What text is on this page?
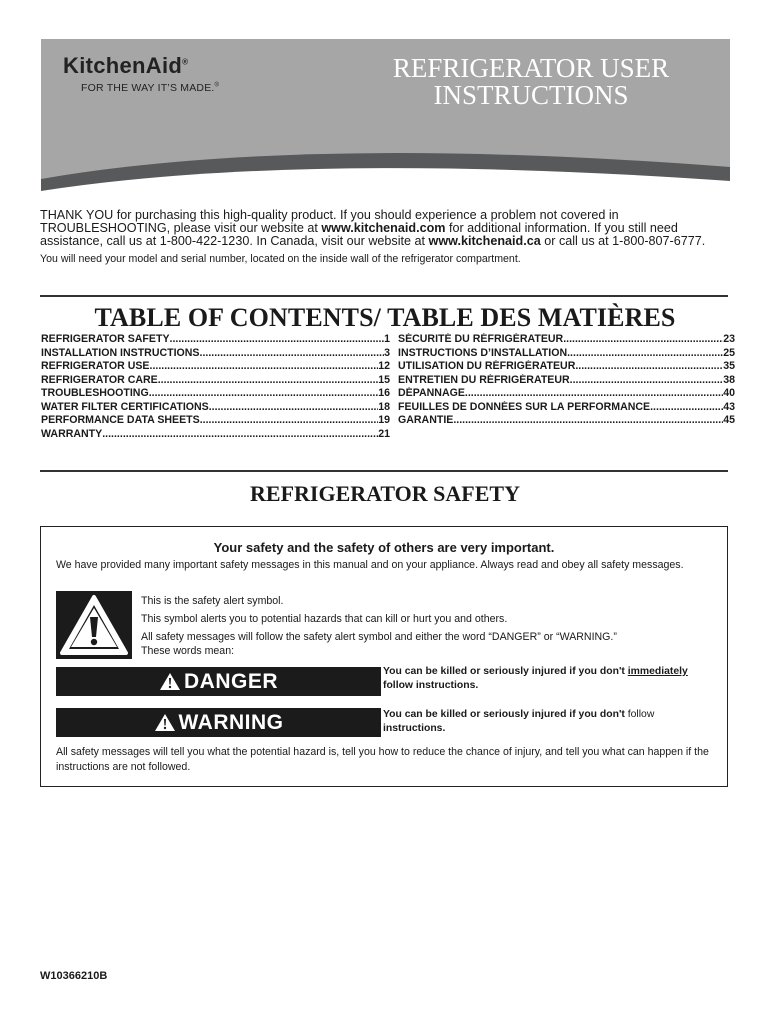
KitchenAid®
FOR THE WAY IT’S MADE.®
REFRIGERATOR USER
INSTRUCTIONS

THANK YOU for purchasing this high-quality product. If you should experience a problem not covered in TROUBLESHOOTING, please visit our website at www.kitchenaid.com for additional information. If you still need assistance, call us at 1-800-422-1230. In Canada, visit our website at www.kitchenaid.ca or call us at 1-800-807-6777.

You will need your model and serial number, located on the inside wall of the refrigerator compartment.

TABLE OF CONTENTS/ TABLE DES MATIÈRES
REFRIGERATOR SAFETY .....	1
INSTALLATION INSTRUCTIONS .....	3
REFRIGERATOR USE .....	12
REFRIGERATOR CARE .....	15
TROUBLESHOOTING .....	16
WATER FILTER CERTIFICATIONS .....	18
PERFORMANCE DATA SHEETS .....	19
WARRANTY .....	21
SÉCURITÉ DU RÉFRIGÉRATEUR .....	23
INSTRUCTIONS D’INSTALLATION .....	25
UTILISATION DU RÉFRIGÉRATEUR .....	35
ENTRETIEN DU RÉFRIGÉRATEUR .....	38
DÉPANNAGE .....	40
FEUILLES DE DONNÉES SUR LA PERFORMANCE .....	43
GARANTIE .....	45
REFRIGERATOR SAFETY
Your safety and the safety of others are very important.
We have provided many important safety messages in this manual and on your appliance. Always read and obey all safety messages.
This is the safety alert symbol.
This symbol alerts you to potential hazards that can kill or hurt you and others.
All safety messages will follow the safety alert symbol and either the word “DANGER” or “WARNING.”
These words mean:
DANGER	You can be killed or seriously injured if you don't immediately
follow instructions.
WARNING	You can be killed or seriously injured if you don't follow
instructions.
All safety messages will tell you what the potential hazard is, tell you how to reduce the chance of injury, and tell you what can happen if the instructions are not followed.
W10366210B
